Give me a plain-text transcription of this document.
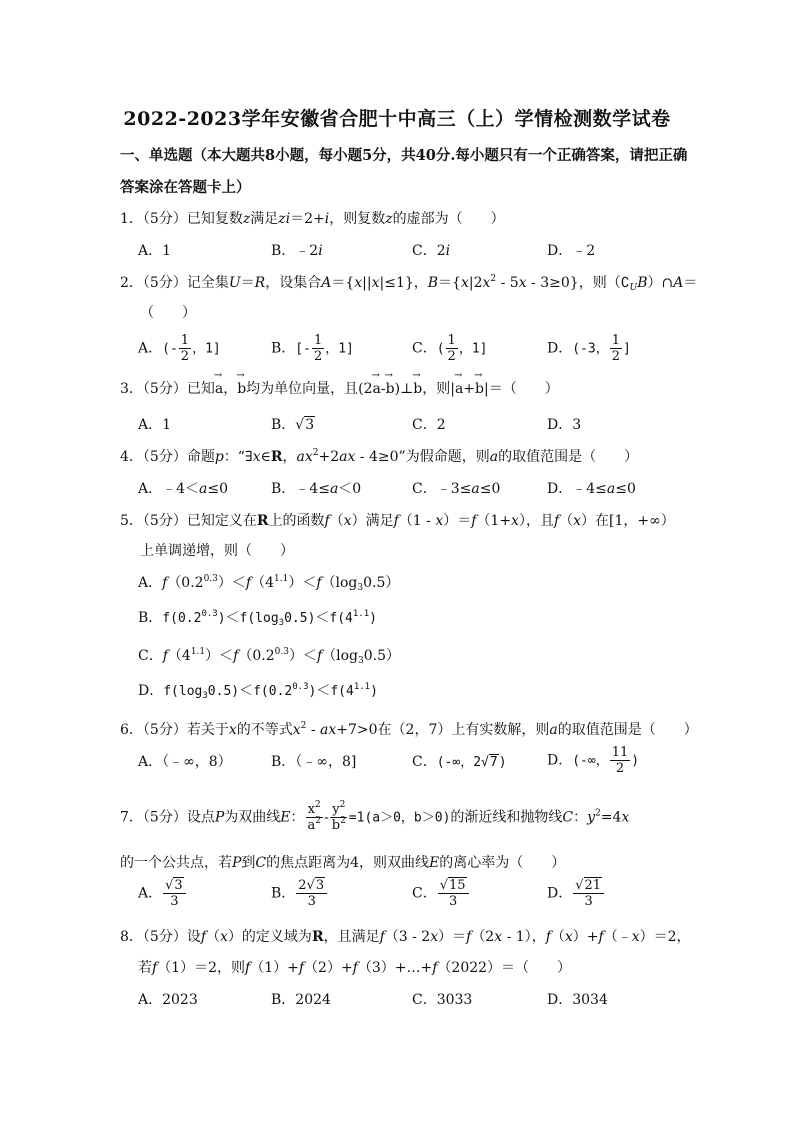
2022-2023学年安徽省合肥十中高三（上）学情检测数学试卷
一、单选题（本大题共8小题，每小题5分，共40分.每小题只有一个正确答案，请把正确答案涂在答题卡上）
1．（5分）已知复数z满足zi＝2+i，则复数z的虚部为（　　）
A．1	B．﹣2i	C．2i	D．﹣2
2．（5分）记全集U＝R，设集合A＝{x||x|≤1}，$B=\{x|2x^2 - 5x - 3\ge 0\}$，则$(∁_UB)\cap A=$
（　　）
A．(- $\frac{1}{2}$ ，1]	B．[- $\frac{1}{2}$ ，1]	C．( $\frac{1}{2}$ ，1]	D．(-3， $\frac{1}{2}$ ]
3．（5分）已知→ a，→ b均为单位向量，且(2→ a-→ b)⊥→ b，则|→ a+→ b|＝（　　）
A．1	B．√3	C．2	D．3
4．（5分）命题p：“∃x∈R，$ax^2+2ax - 4\ge 0$”为假命题，则a的取值范围是（　　）
A．﹣4＜a≤0	B．﹣4≤a＜0	C．﹣3≤a≤0	D．﹣4≤a≤0
5．（5分）已知定义在R上的函数f（x）满足f（1 - x）＝f（1+x），且f（x）在[1，+∞）
上单调递增，则（　　）
A．$f(0.2^{0.3})<f(4^{1.1})<f(\log_30.5)$
B．$f(0.2^{0.3})<f(\log_30.5)<f(4^{1.1})$
C．$f(4^{1.1})<f(0.2^{0.3})<f(\log_30.5)$
D．$f(\log_30.5)<f(0.2^{0.3})<f(4^{1.1})$
6．（5分）若关于x的不等式$x^2 - ax+7>0$在（2，7）上有实数解，则a的取值范围是（　　）
A．（﹣∞，8）	B．（﹣∞，8]	C．(-∞，2√7)	D．(-∞， $\frac{11}{2}$ )
7．（5分）设点P为双曲线E： $\frac{x^2}{a^2} - \frac{y^2}{b^2} =1(a>0$，b＞0)的渐近线和抛物线C：$y^2=4x$
的一个公共点，若P到C的焦点距离为4，则双曲线E的离心率为（　　）
A． $\frac{√3}{3}$	B． $\frac{2√3}{3}$	C． $\frac{√15}{3}$	D． $\frac{√21}{3}$
8．（5分）设f（x）的定义域为R，且满足f（3 - 2x）＝f（2x - 1），f（x）+f（﹣x）＝2，
若f（1）＝2，则f（1）+f（2）+f（3）+…+f（2022）＝（　　）
A．2023	B．2024	C．3033	D．3034
